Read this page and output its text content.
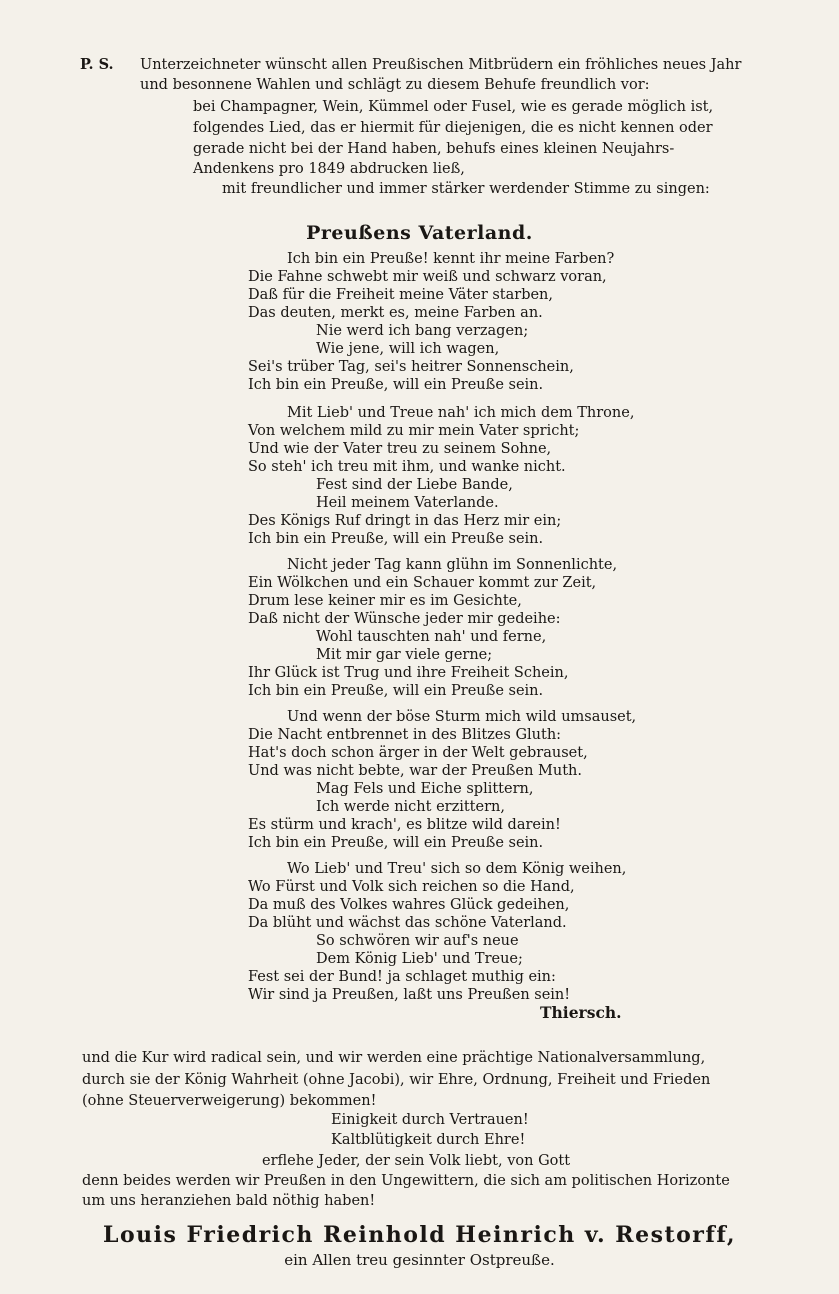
P. S. Unterzeichneter wünscht allen Preußischen Mitbrüdern ein fröhliches neues Jahr
und besonnene Wahlen und schlägt zu diesem Behufe freundlich vor:
bei Champagner, Wein, Kümmel oder Fusel, wie es gerade möglich ist,
folgendes Lied, das er hiermit für diejenigen, die es nicht kennen oder
gerade nicht bei der Hand haben, behufs eines kleinen Neujahrs-
Andenkens pro 1849 abdrucken ließ,
mit freundlicher und immer stärker werdender Stimme zu singen:
Preußens Vaterland.
Ich bin ein Preuße! kennt ihr meine Farben?
Die Fahne schwebt mir weiß und schwarz voran,
Daß für die Freiheit meine Väter starben,
Das deuten, merkt es, meine Farben an.
Nie werd ich bang verzagen;
Wie jene, will ich wagen,
Sei's trüber Tag, sei's heitrer Sonnenschein,
Ich bin ein Preuße, will ein Preuße sein.
Mit Lieb' und Treue nah' ich mich dem Throne,
Von welchem mild zu mir mein Vater spricht;
Und wie der Vater treu zu seinem Sohne,
So steh' ich treu mit ihm, und wanke nicht.
Fest sind der Liebe Bande,
Heil meinem Vaterlande.
Des Königs Ruf dringt in das Herz mir ein;
Ich bin ein Preuße, will ein Preuße sein.
Nicht jeder Tag kann glühn im Sonnenlichte,
Ein Wölkchen und ein Schauer kommt zur Zeit,
Drum lese keiner mir es im Gesichte,
Daß nicht der Wünsche jeder mir gedeihe:
Wohl tauschten nah' und ferne,
Mit mir gar viele gerne;
Ihr Glück ist Trug und ihre Freiheit Schein,
Ich bin ein Preuße, will ein Preuße sein.
Und wenn der böse Sturm mich wild umsauset,
Die Nacht entbrennet in des Blitzes Gluth:
Hat's doch schon ärger in der Welt gebrauset,
Und was nicht bebte, war der Preußen Muth.
Mag Fels und Eiche splittern,
Ich werde nicht erzittern,
Es stürm und krach', es blitze wild darein!
Ich bin ein Preuße, will ein Preuße sein.
Wo Lieb' und Treu' sich so dem König weihen,
Wo Fürst und Volk sich reichen so die Hand,
Da muß des Volkes wahres Glück gedeihen,
Da blüht und wächst das schöne Vaterland.
So schwören wir auf's neue
Dem König Lieb' und Treue;
Fest sei der Bund! ja schlaget muthig ein:
Wir sind ja Preußen, laßt uns Preußen sein!
Thiersch.
und die Kur wird radical sein, und wir werden eine prächtige Nationalversammlung,
durch sie der König Wahrheit (ohne Jacobi), wir Ehre, Ordnung, Freiheit und Frieden
(ohne Steuerverweigerung) bekommen!
Einigkeit durch Vertrauen!
Kaltblütigkeit durch Ehre!
erflehe Jeder, der sein Volk liebt, von Gott
denn beides werden wir Preußen in den Ungewittern, die sich am politischen Horizonte
um uns heranziehen bald nöthig haben!
Louis Friedrich Reinhold Heinrich v. Restorff,
ein Allen treu gesinnter Ostpreuße.
